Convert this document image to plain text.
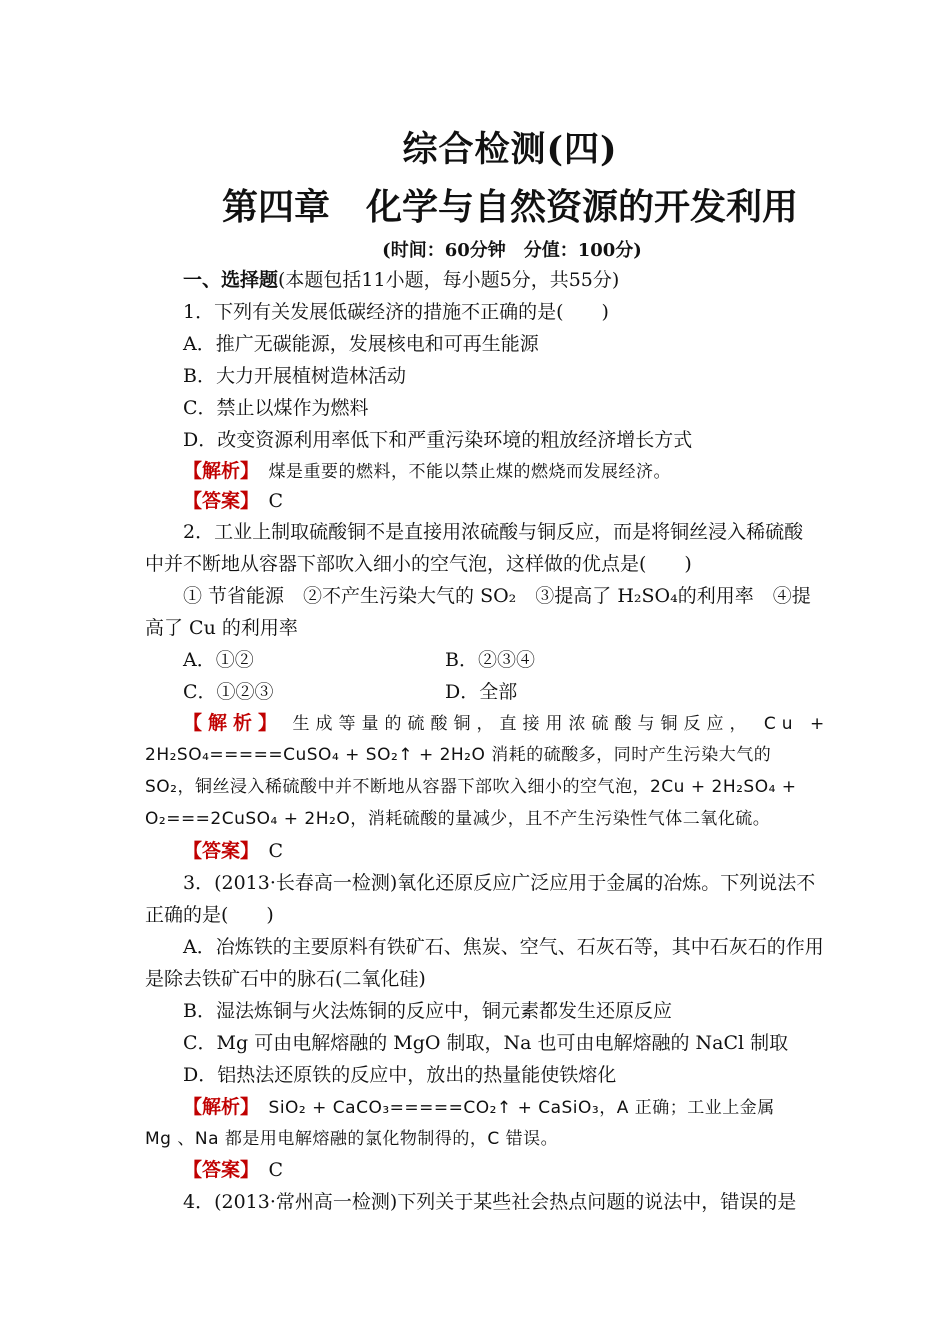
综合检测(四)
第四章　化学与自然资源的开发利用
(时间：60分钟　分值：100分)
一、选择题(本题包括11小题，每小题5分，共55分)
1．下列有关发展低碳经济的措施不正确的是(　　)
A．推广无碳能源，发展核电和可再生能源
B．大力开展植树造林活动
C．禁止以煤作为燃料
D．改变资源利用率低下和严重污染环境的粗放经济增长方式
【解析】　 煤是重要的燃料，不能以禁止煤的燃烧而发展经济。
【答案】　 C
2．工业上制取硫酸铜不是直接用浓硫酸与铜反应，而是将铜丝浸入稀硫酸
中并不断地从容器下部吹入细小的空气泡，这样做的优点是(　　)
① 节省能源　②不产生污染大气的 SO₂　③提高了 H₂SO₄的利用率　④提
高了 Cu 的利用率
A．①②	B．②③④
C．①②③	D．全部
【解析】　 生成等量的硫酸铜，直接用浓硫酸与铜反应， Cu +
2H₂SO₄=====CuSO₄ + SO₂↑ + 2H₂O 消耗的硫酸多，同时产生污染大气的
SO₂，铜丝浸入稀硫酸中并不断地从容器下部吹入细小的空气泡，2Cu + 2H₂SO₄ +
O₂===2CuSO₄ + 2H₂O，消耗硫酸的量减少，且不产生污染性气体二氧化硫。
【答案】　 C
3．(2013·长春高一检测)氧化还原反应广泛应用于金属的冶炼。下列说法不
正确的是(　　)
A．冶炼铁的主要原料有铁矿石、焦炭、空气、石灰石等，其中石灰石的作用
是除去铁矿石中的脉石(二氧化硅)
B．湿法炼铜与火法炼铜的反应中，铜元素都发生还原反应
C．Mg 可由电解熔融的 MgO 制取，Na 也可由电解熔融的 NaCl 制取
D．铝热法还原铁的反应中，放出的热量能使铁熔化
【解析】　 SiO₂ + CaCO₃=====CO₂↑ + CaSiO₃，A 正确；工业上金属
Mg 、Na 都是用电解熔融的氯化物制得的，C 错误。
【答案】　 C
4．(2013·常州高一检测)下列关于某些社会热点问题的说法中，错误的是
